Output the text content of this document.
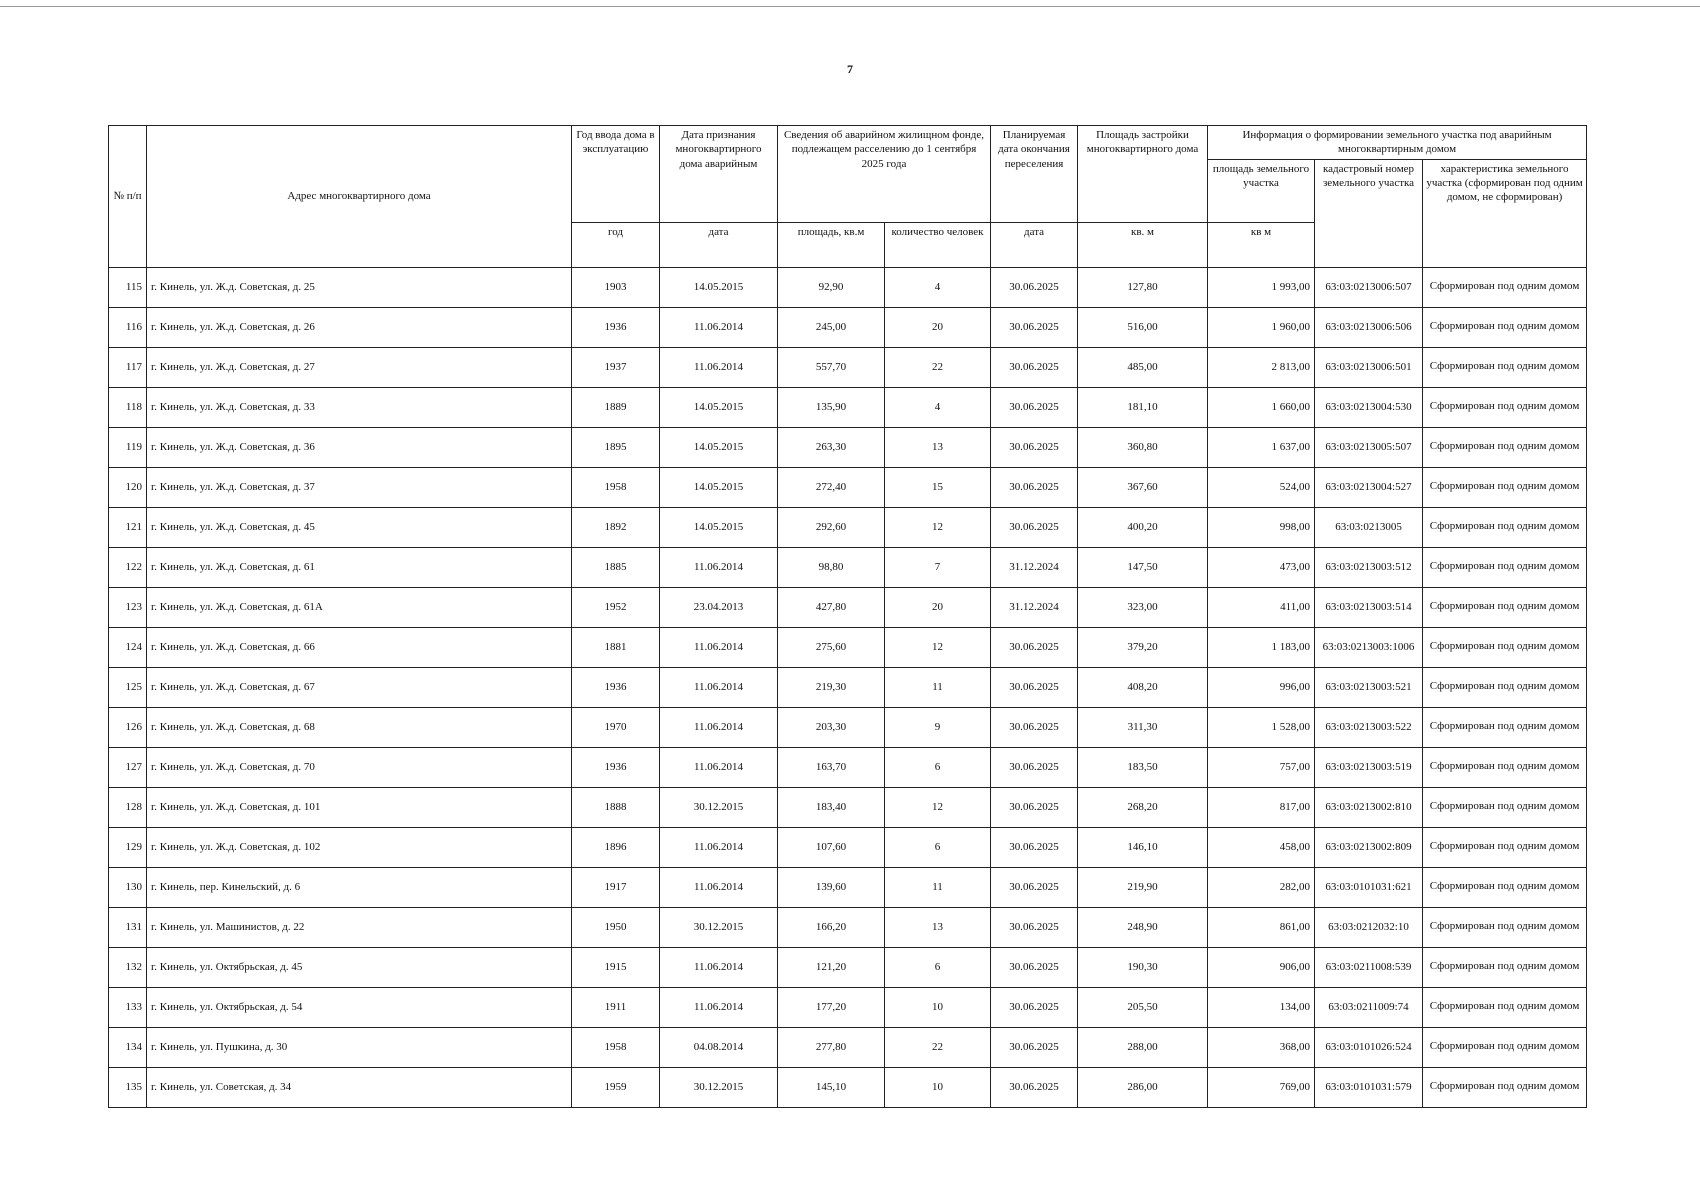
7
№ п/п	Адрес многоквартирного дома	Год ввода дома в эксплуатацию	Дата признания многоквартирного дома аварийным	Сведения об аварийном жилищном фонде, подлежащем расселению до 1 сентября 2025 года		Планируемая дата окончания переселения	Площадь застройки многоквартирного дома	Информация о формировании земельного участка под аварийным многоквартирным домом		
								площадь земельного участка	кадастровый номер земельного участка	характеристика земельного участка (сформирован под одним домом, не сформирован)
		год	дата	площадь, кв.м	количество человек	дата	кв. м	кв м		
115	г. Кинель, ул. Ж.д. Советская, д. 25	1903	14.05.2015	92,90	4	30.06.2025	127,80	1 993,00	63:03:0213006:507	Сформирован под одним домом
116	г. Кинель, ул. Ж.д. Советская, д. 26	1936	11.06.2014	245,00	20	30.06.2025	516,00	1 960,00	63:03:0213006:506	Сформирован под одним домом
117	г. Кинель, ул. Ж.д. Советская, д. 27	1937	11.06.2014	557,70	22	30.06.2025	485,00	2 813,00	63:03:0213006:501	Сформирован под одним домом
118	г. Кинель, ул. Ж.д. Советская, д. 33	1889	14.05.2015	135,90	4	30.06.2025	181,10	1 660,00	63:03:0213004:530	Сформирован под одним домом
119	г. Кинель, ул. Ж.д. Советская, д. 36	1895	14.05.2015	263,30	13	30.06.2025	360,80	1 637,00	63:03:0213005:507	Сформирован под одним домом
120	г. Кинель, ул. Ж.д. Советская, д. 37	1958	14.05.2015	272,40	15	30.06.2025	367,60	524,00	63:03:0213004:527	Сформирован под одним домом
121	г. Кинель, ул. Ж.д. Советская, д. 45	1892	14.05.2015	292,60	12	30.06.2025	400,20	998,00	63:03:0213005	Сформирован под одним домом
122	г. Кинель, ул. Ж.д. Советская, д. 61	1885	11.06.2014	98,80	7	31.12.2024	147,50	473,00	63:03:0213003:512	Сформирован под одним домом
123	г. Кинель, ул. Ж.д. Советская, д. 61А	1952	23.04.2013	427,80	20	31.12.2024	323,00	411,00	63:03:0213003:514	Сформирован под одним домом
124	г. Кинель, ул. Ж.д. Советская, д. 66	1881	11.06.2014	275,60	12	30.06.2025	379,20	1 183,00	63:03:0213003:1006	Сформирован под одним домом
125	г. Кинель, ул. Ж.д. Советская, д. 67	1936	11.06.2014	219,30	11	30.06.2025	408,20	996,00	63:03:0213003:521	Сформирован под одним домом
126	г. Кинель, ул. Ж.д. Советская, д. 68	1970	11.06.2014	203,30	9	30.06.2025	311,30	1 528,00	63:03:0213003:522	Сформирован под одним домом
127	г. Кинель, ул. Ж.д. Советская, д. 70	1936	11.06.2014	163,70	6	30.06.2025	183,50	757,00	63:03:0213003:519	Сформирован под одним домом
128	г. Кинель, ул. Ж.д. Советская, д. 101	1888	30.12.2015	183,40	12	30.06.2025	268,20	817,00	63:03:0213002:810	Сформирован под одним домом
129	г. Кинель, ул. Ж.д. Советская, д. 102	1896	11.06.2014	107,60	6	30.06.2025	146,10	458,00	63:03:0213002:809	Сформирован под одним домом
130	г. Кинель, пер. Кинельский, д. 6	1917	11.06.2014	139,60	11	30.06.2025	219,90	282,00	63:03:0101031:621	Сформирован под одним домом
131	г. Кинель, ул. Машинистов, д. 22	1950	30.12.2015	166,20	13	30.06.2025	248,90	861,00	63:03:0212032:10	Сформирован под одним домом
132	г. Кинель, ул. Октябрьская, д. 45	1915	11.06.2014	121,20	6	30.06.2025	190,30	906,00	63:03:0211008:539	Сформирован под одним домом
133	г. Кинель, ул. Октябрьская, д. 54	1911	11.06.2014	177,20	10	30.06.2025	205,50	134,00	63:03:0211009:74	Сформирован под одним домом
134	г. Кинель, ул. Пушкина, д. 30	1958	04.08.2014	277,80	22	30.06.2025	288,00	368,00	63:03:0101026:524	Сформирован под одним домом
135	г. Кинель, ул. Советская, д. 34	1959	30.12.2015	145,10	10	30.06.2025	286,00	769,00	63:03:0101031:579	Сформирован под одним домом
